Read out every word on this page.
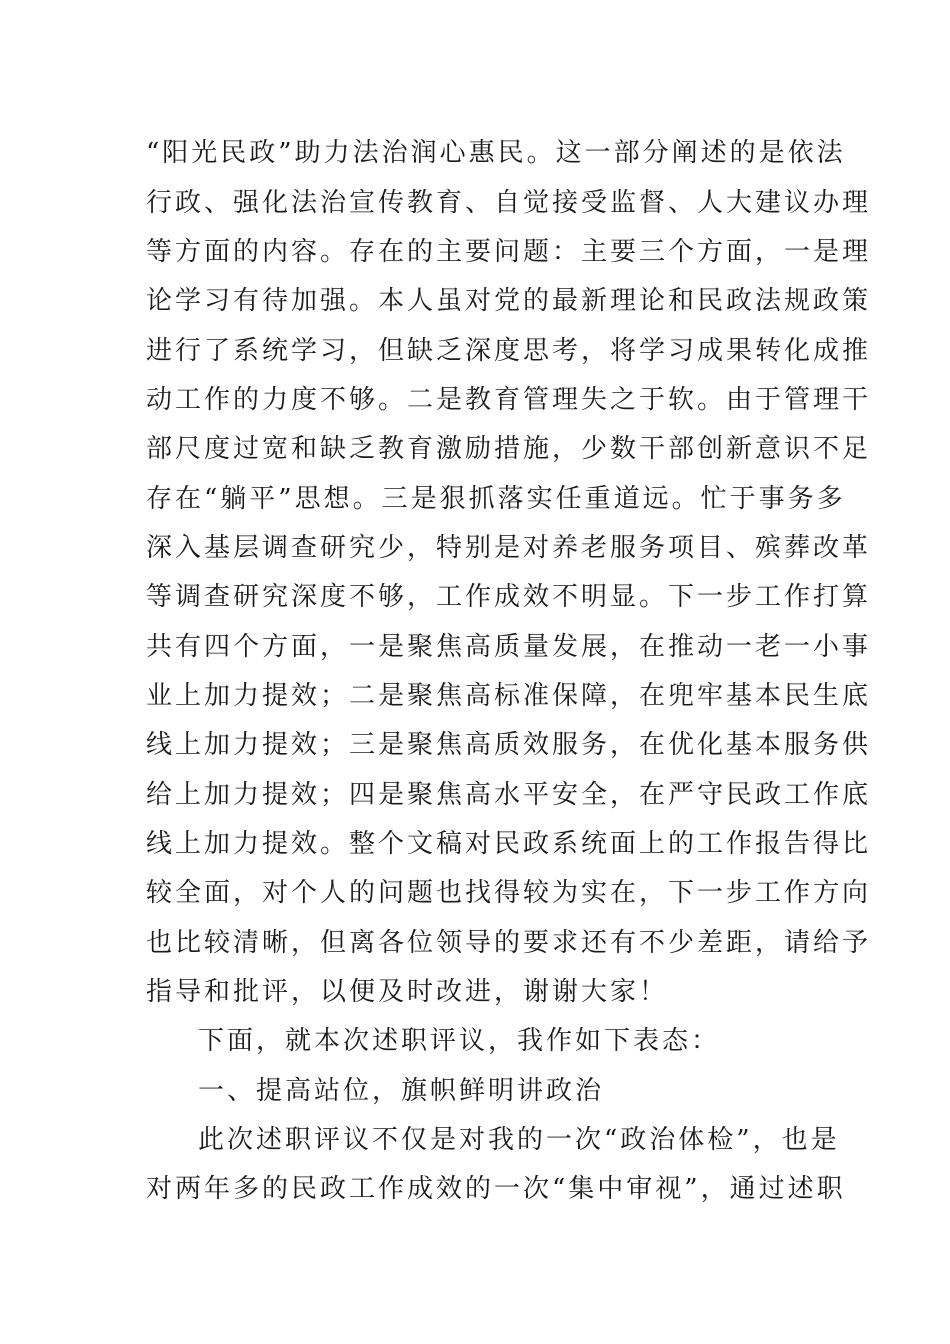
“阳光民政”助力法治润心惠民。这一部分阐述的是依法
行政、强化法治宣传教育、自觉接受监督、人大建议办理
等方面的内容。存在的主要问题：主要三个方面，一是理
论学习有待加强。本人虽对党的最新理论和民政法规政策
进行了系统学习，但缺乏深度思考，将学习成果转化成推
动工作的力度不够。二是教育管理失之于软。由于管理干
部尺度过宽和缺乏教育激励措施，少数干部创新意识不足
存在“躺平”思想。三是狠抓落实任重道远。忙于事务多
深入基层调查研究少，特别是对养老服务项目、殡葬改革
等调查研究深度不够，工作成效不明显。下一步工作打算
共有四个方面，一是聚焦高质量发展，在推动一老一小事
业上加力提效；二是聚焦高标准保障，在兜牢基本民生底
线上加力提效；三是聚焦高质效服务，在优化基本服务供
给上加力提效；四是聚焦高水平安全，在严守民政工作底
线上加力提效。整个文稿对民政系统面上的工作报告得比
较全面，对个人的问题也找得较为实在，下一步工作方向
也比较清晰，但离各位领导的要求还有不少差距，请给予
指导和批评，以便及时改进，谢谢大家！
下面，就本次述职评议，我作如下表态：
一、提高站位，旗帜鲜明讲政治
此次述职评议不仅是对我的一次“政治体检”，也是
对两年多的民政工作成效的一次“集中审视”，通过述职
